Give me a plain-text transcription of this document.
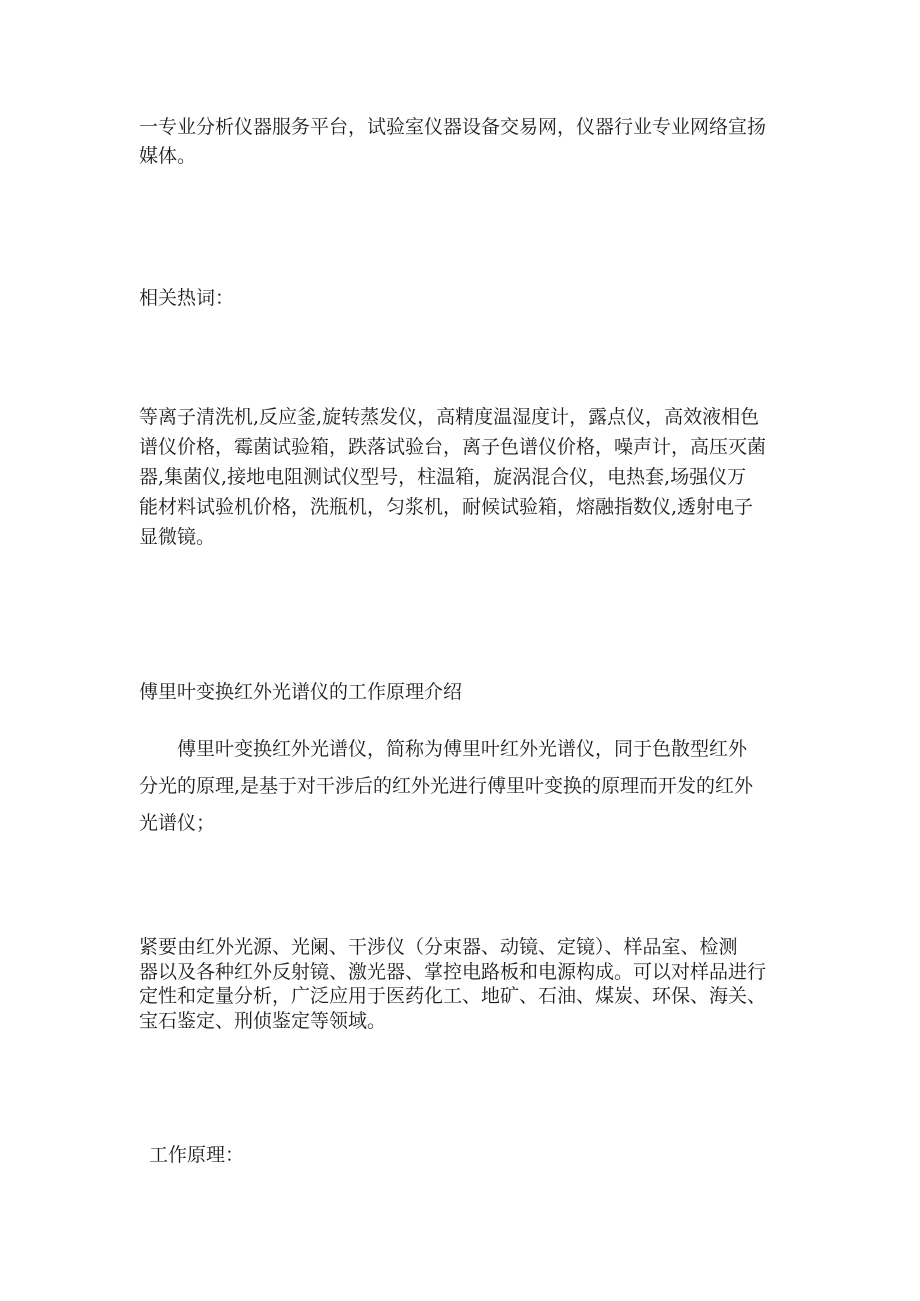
一专业分析仪器服务平台，试验室仪器设备交易网，仪器行业专业网络宣扬
媒体。

相关热词：

等离子清洗机,反应釜,旋转蒸发仪，高精度温湿度计，露点仪，高效液相色
谱仪价格，霉菌试验箱，跌落试验台，离子色谱仪价格，噪声计，高压灭菌
器,集菌仪,接地电阻测试仪型号，柱温箱，旋涡混合仪，电热套,场强仪万
能材料试验机价格，洗瓶机，匀浆机，耐候试验箱，熔融指数仪,透射电子
显微镜。

傅里叶变换红外光谱仪的工作原理介绍

　　傅里叶变换红外光谱仪，简称为傅里叶红外光谱仪，同于色散型红外
分光的原理,是基于对干涉后的红外光进行傅里叶变换的原理而开发的红外
光谱仪；

紧要由红外光源、光阑、干涉仪（分束器、动镜、定镜）、样品室、检测
器以及各种红外反射镜、激光器、掌控电路板和电源构成。可以对样品进行
定性和定量分析，广泛应用于医药化工、地矿、石油、煤炭、环保、海关、
宝石鉴定、刑侦鉴定等领域。

工作原理：
